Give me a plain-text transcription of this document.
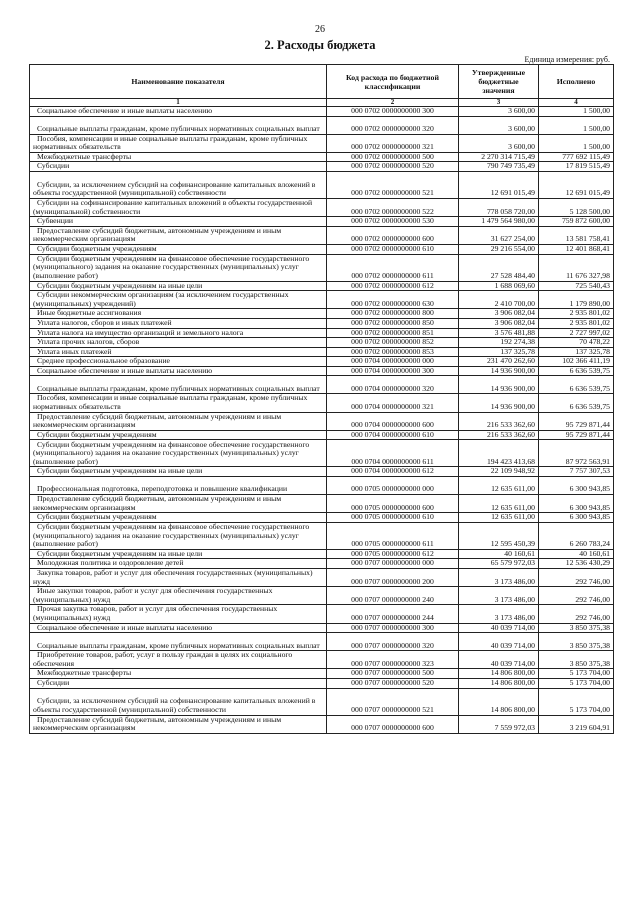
26
2. Расходы бюджета
Единица измерения: руб.
Наименование показателя	Код расхода по бюджетной классификации	Утвержденные бюджетные значения	Исполнено
1	2	3	4
Социальное обеспечение и иные выплаты населению	000 0702 0000000000 300	3 600,00	1 500,00
Социальные выплаты гражданам, кроме публичных нормативных социальных выплат	000 0702 0000000000 320	3 600,00	1 500,00
Пособия, компенсации и иные социальные выплаты гражданам, кроме публичных нормативных обязательств	000 0702 0000000000 321	3 600,00	1 500,00
Межбюджетные трансферты	000 0702 0000000000 500	2 270 314 715,49	777 692 115,49
Субсидии	000 0702 0000000000 520	790 749 735,49	17 819 515,49
Субсидии, за исключением субсидий на софинансирование капитальных вложений в объекты государственной (муниципальной) собственности	000 0702 0000000000 521	12 691 015,49	12 691 015,49
Субсидии на софинансирование капитальных вложений в объекты государственной (муниципальной) собственности	000 0702 0000000000 522	778 058 720,00	5 128 500,00
Субвенции	000 0702 0000000000 530	1 479 564 980,00	759 872 600,00
Предоставление субсидий бюджетным, автономным учреждениям и иным некоммерческим организациям	000 0702 0000000000 600	31 627 254,00	13 581 758,41
Субсидии бюджетным учреждениям	000 0702 0000000000 610	29 216 554,00	12 401 868,41
Субсидии бюджетным учреждениям на финансовое обеспечение государственного (муниципального) задания на оказание государственных (муниципальных) услуг (выполнение работ)	000 0702 0000000000 611	27 528 484,40	11 676 327,98
Субсидии бюджетным учреждениям на иные цели	000 0702 0000000000 612	1 688 069,60	725 540,43
Субсидии некоммерческим организациям (за исключением государственных (муниципальных) учреждений)	000 0702 0000000000 630	2 410 700,00	1 179 890,00
Иные бюджетные ассигнования	000 0702 0000000000 800	3 906 082,04	2 935 801,02
Уплата налогов, сборов и иных платежей	000 0702 0000000000 850	3 906 082,04	2 935 801,02
Уплата налога на имущество организаций и земельного налога	000 0702 0000000000 851	3 576 481,88	2 727 997,02
Уплата прочих налогов, сборов	000 0702 0000000000 852	192 274,38	70 478,22
Уплата иных платежей	000 0702 0000000000 853	137 325,78	137 325,78
Среднее профессиональное образование	000 0704 0000000000 000	231 470 262,60	102 366 411,19
Социальное обеспечение и иные выплаты населению	000 0704 0000000000 300	14 936 900,00	6 636 539,75
Социальные выплаты гражданам, кроме публичных нормативных социальных выплат	000 0704 0000000000 320	14 936 900,00	6 636 539,75
Пособия, компенсации и иные социальные выплаты гражданам, кроме публичных нормативных обязательств	000 0704 0000000000 321	14 936 900,00	6 636 539,75
Предоставление субсидий бюджетным, автономным учреждениям и иным некоммерческим организациям	000 0704 0000000000 600	216 533 362,60	95 729 871,44
Субсидии бюджетным учреждениям	000 0704 0000000000 610	216 533 362,60	95 729 871,44
Субсидии бюджетным учреждениям на финансовое обеспечение государственного (муниципального) задания на оказание государственных (муниципальных) услуг (выполнение работ)	000 0704 0000000000 611	194 423 413,68	87 972 563,91
Субсидии бюджетным учреждениям на иные цели	000 0704 0000000000 612	22 109 948,92	7 757 307,53
Профессиональная подготовка, переподготовка и повышение квалификации	000 0705 0000000000 000	12 635 611,00	6 300 943,85
Предоставление субсидий бюджетным, автономным учреждениям и иным некоммерческим организациям	000 0705 0000000000 600	12 635 611,00	6 300 943,85
Субсидии бюджетным учреждениям	000 0705 0000000000 610	12 635 611,00	6 300 943,85
Субсидии бюджетным учреждениям на финансовое обеспечение государственного (муниципального) задания на оказание государственных (муниципальных) услуг (выполнение работ)	000 0705 0000000000 611	12 595 450,39	6 260 783,24
Субсидии бюджетным учреждениям на иные цели	000 0705 0000000000 612	40 160,61	40 160,61
Молодежная политика и оздоровление детей	000 0707 0000000000 000	65 579 972,03	12 536 430,29
Закупка товаров, работ и услуг для обеспечения государственных (муниципальных) нужд	000 0707 0000000000 200	3 173 486,00	292 746,00
Иные закупки товаров, работ и услуг для обеспечения государственных (муниципальных) нужд	000 0707 0000000000 240	3 173 486,00	292 746,00
Прочая закупка товаров, работ и услуг для обеспечения государственных (муниципальных) нужд	000 0707 0000000000 244	3 173 486,00	292 746,00
Социальное обеспечение и иные выплаты населению	000 0707 0000000000 300	40 039 714,00	3 850 375,38
Социальные выплаты гражданам, кроме публичных нормативных социальных выплат	000 0707 0000000000 320	40 039 714,00	3 850 375,38
Приобретение товаров, работ, услуг в пользу граждан в целях их социального обеспечения	000 0707 0000000000 323	40 039 714,00	3 850 375,38
Межбюджетные трансферты	000 0707 0000000000 500	14 806 800,00	5 173 704,00
Субсидии	000 0707 0000000000 520	14 806 800,00	5 173 704,00
Субсидии, за исключением субсидий на софинансирование капитальных вложений в объекты государственной (муниципальной) собственности	000 0707 0000000000 521	14 806 800,00	5 173 704,00
Предоставление субсидий бюджетным, автономным учреждениям и иным некоммерческим организациям	000 0707 0000000000 600	7 559 972,03	3 219 604,91
